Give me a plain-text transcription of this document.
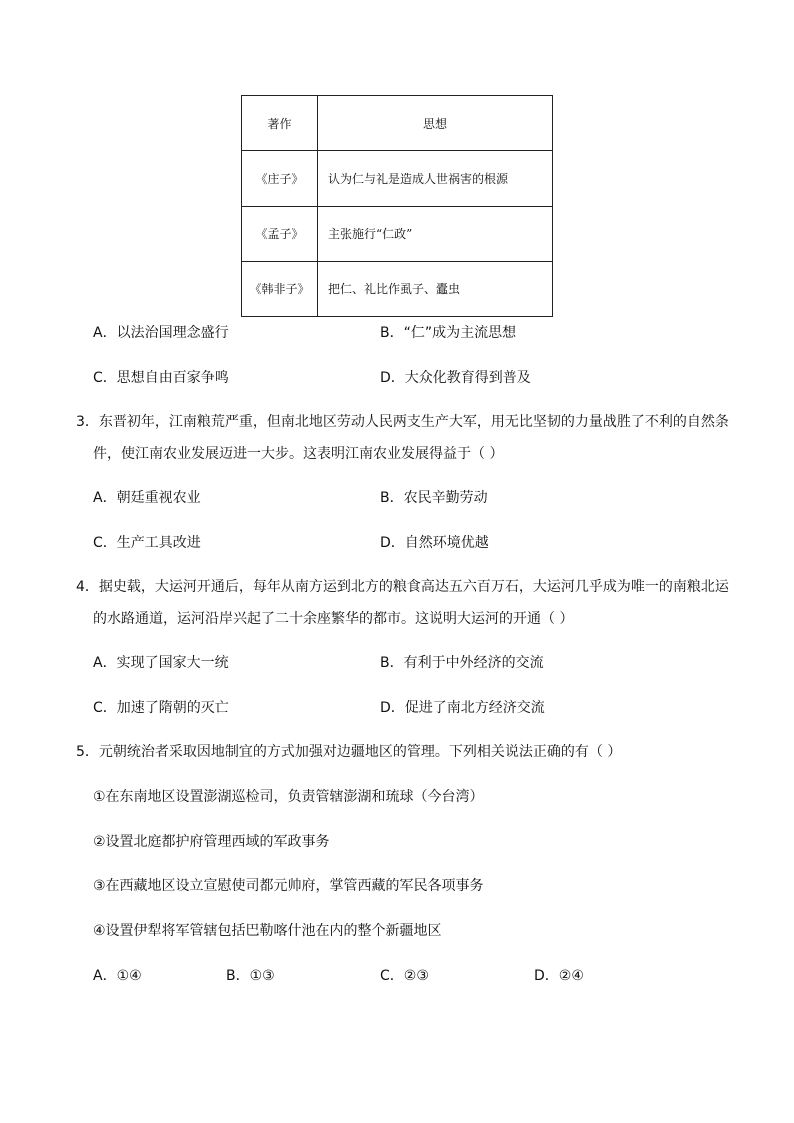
著作	思想
《庄子》	认为仁与礼是造成人世祸害的根源
《孟子》	主张施行“仁政”
《韩非子》	把仁、礼比作虱子、蠹虫
A．以法治国理念盛行	B．“仁”成为主流思想
C．思想自由百家争鸣	D．大众化教育得到普及
3．东晋初年，江南粮荒严重，但南北地区劳动人民两支生产大军，用无比坚韧的力量战胜了不利的自然条
件，使江南农业发展迈进一大步。这表明江南农业发展得益于（ ）
A．朝廷重视农业	B．农民辛勤劳动
C．生产工具改进	D．自然环境优越
4．据史载，大运河开通后，每年从南方运到北方的粮食高达五六百万石，大运河几乎成为唯一的南粮北运
的水路通道，运河沿岸兴起了二十余座繁华的都市。这说明大运河的开通（ ）
A．实现了国家大一统	B．有利于中外经济的交流
C．加速了隋朝的灭亡	D．促进了南北方经济交流
5．元朝统治者采取因地制宜的方式加强对边疆地区的管理。下列相关说法正确的有（ ）
①在东南地区设置澎湖巡检司，负责管辖澎湖和琉球（今台湾）
②设置北庭都护府管理西域的军政事务
③在西藏地区设立宣慰使司都元帅府，掌管西藏的军民各项事务
④设置伊犁将军管辖包括巴勒喀什池在内的整个新疆地区
A．①④	B．①③	C．②③	D．②④
